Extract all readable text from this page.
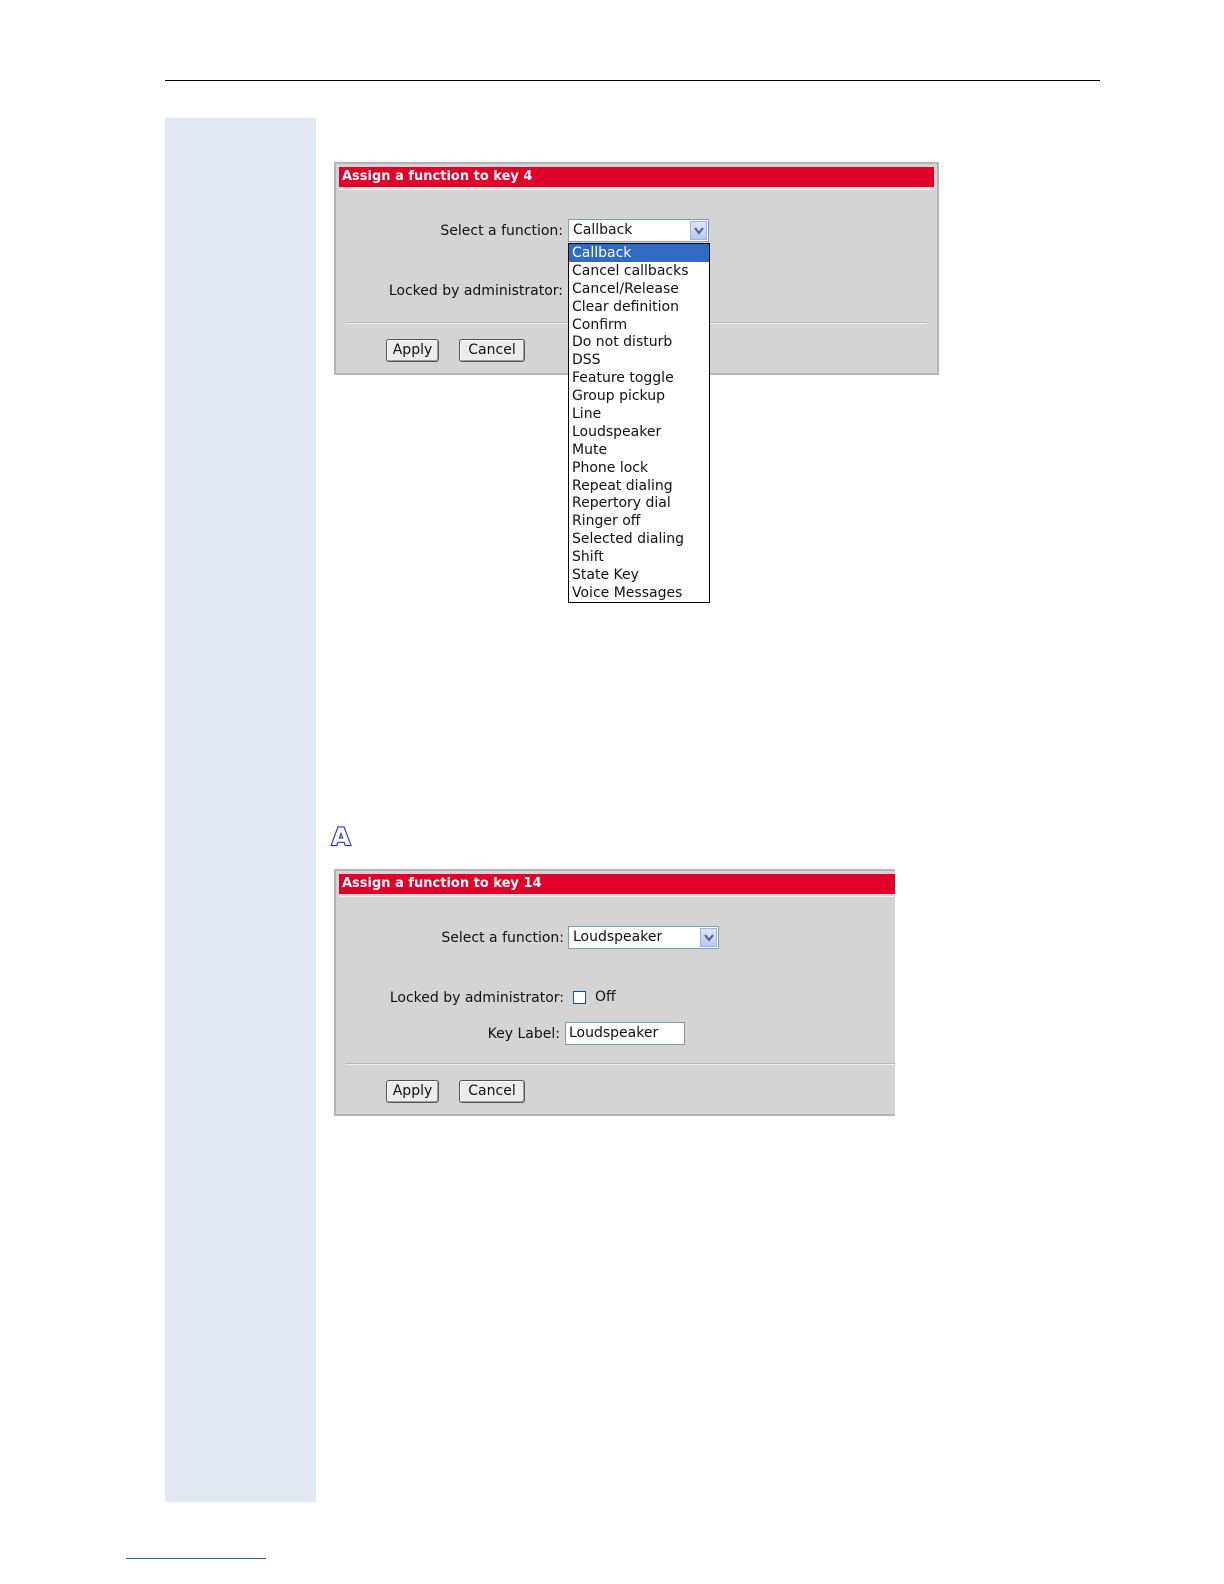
Assign a function to key 4
Select a function:
Locked by administrator:
Apply	Cancel
Callback
Callback
Cancel callbacks
Cancel/Release
Clear definition
Confirm
Do not disturb
DSS
Feature toggle
Group pickup
Line
Loudspeaker
Mute
Phone lock
Repeat dialing
Repertory dial
Ringer off
Selected dialing
Shift
State Key
Voice Messages
A
Assign a function to key 14
Select a function:
Locked by administrator:
Key Label:
Apply	Cancel
Loudspeaker
Off
Loudspeaker
